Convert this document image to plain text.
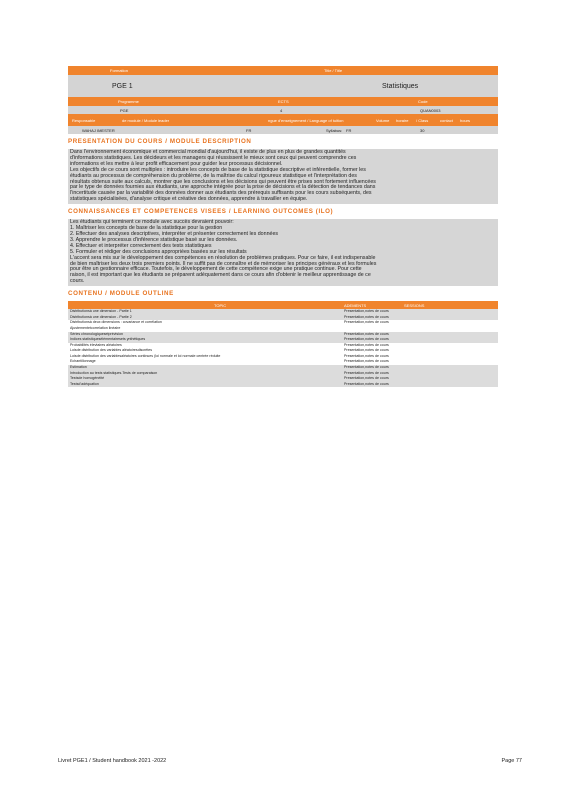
Formation	Title / Title
PGE 1	Statistiques
Programme	ECTS	Code
PGE	4	QUAN0003
Responsable	de module / Module leader	ngue d'enseignement / Language of tuition	Volume	horaire	/ Class	contact	hours
WAHAJ IMESTER	FR	Syllabus: FR	30
PRESENTATION DU COURS / MODULE DESCRIPTION

Dans l'environnement économique et commercial mondial d'aujourd'hui, il existe de plus en plus de grandes quantités

d'informations statistiques. Les décideurs et les managers qui réussissent le mieux sont ceux qui peuvent comprendre ces

informations et les mettre à leur profit efficacement pour guider leur processus décisionnel.

Les objectifs de ce cours sont multiples : introduire les concepts de base de la statistique descriptive et inférentielle, former les

étudiants au processus de compréhension du problème, de la maîtrise du calcul rigoureux statistique et l'interprétation des

résultats obtenus suite aux calculs, montrer que les conclusions et les décisions qui peuvent être prises sont fortement influencées

par le type de données fournies aux étudiants, une approche intégrée pour la prise de décisions et la détection de tendances dans

l'incertitude causée par la variabilité des données donner aux étudiants des prérequis suffisants pour les cours subséquents, des

statistiques spécialisées, d'analyse critique et créative des données, apprendre à travailler en équipe.

CONNAISSANCES ET COMPETENCES VISEES / LEARNING OUTCOMES (ILO)

Les étudiants qui terminent ce module avec succès devraient pouvoir:

1. Maîtriser les concepts de base de la statistique pour la gestion

2. Effectuer des analyses descriptives, interpréter et présenter correctement les données

3. Apprendre le processus d'inférence statistique basé sur les données.

4. Effectuer et interpréter correctement des tests statistiques

5. Formuler et rédiger des conclusions appropriées basées sur les résultats

L'accent sera mis sur le développement des compétences en résolution de problèmes pratiques. Pour ce faire, il est indispensable

de bien maîtriser les deux trois premiers points. Il ne suffit pas de connaître et de mémoriser les principes généraux et les formules

pour être un gestionnaire efficace. Toutefois, le développement de cette compétence exige une pratique continue. Pour cette

raison, il est important que les étudiants se préparent adéquatement dans ce cours afin d'obtenir le meilleur apprentissage de ce

cours.

CONTENU / MODULE OUTLINE
TOPIC	ADEMENTS	SESSIONS
Distributionsà une dimension - Partie 1	Presentation,notes de cours
Distributionsà une dimension - Partie 2	Presentation,notes de cours
Distributionsà deux dimensions : covariance et corrélation	Presentation,notes de cours
Ajustementetcorrelation linéaire
Séries chronologiquesetprévision	Presentation,notes de cours
Indices statistiquesélémentairesets ynthétiques	Presentation,notes de cours
Probabilités élevtaires aléatoires	Presentation,notes de cours
Loisde distribution des variables aléatoiresdiscrètes	Presentation,notes de cours
Loisde distribution des variablesaléatoires continues (loi normale et loi normale centrée réduite	Presentation,notes de cours
Echantillonnage	Presentation,notes de cours
Estimation	Presentation,notes de cours
Introduction au tests statistiques.Tests de comparaison	Presentation,notes de cours
Testsde homogénéité	Presentation,notes de cours
Testsd'adéquation	Presentation,notes de cours
Livret PGE1 / Student handbook 2021 -2022	Page 77
